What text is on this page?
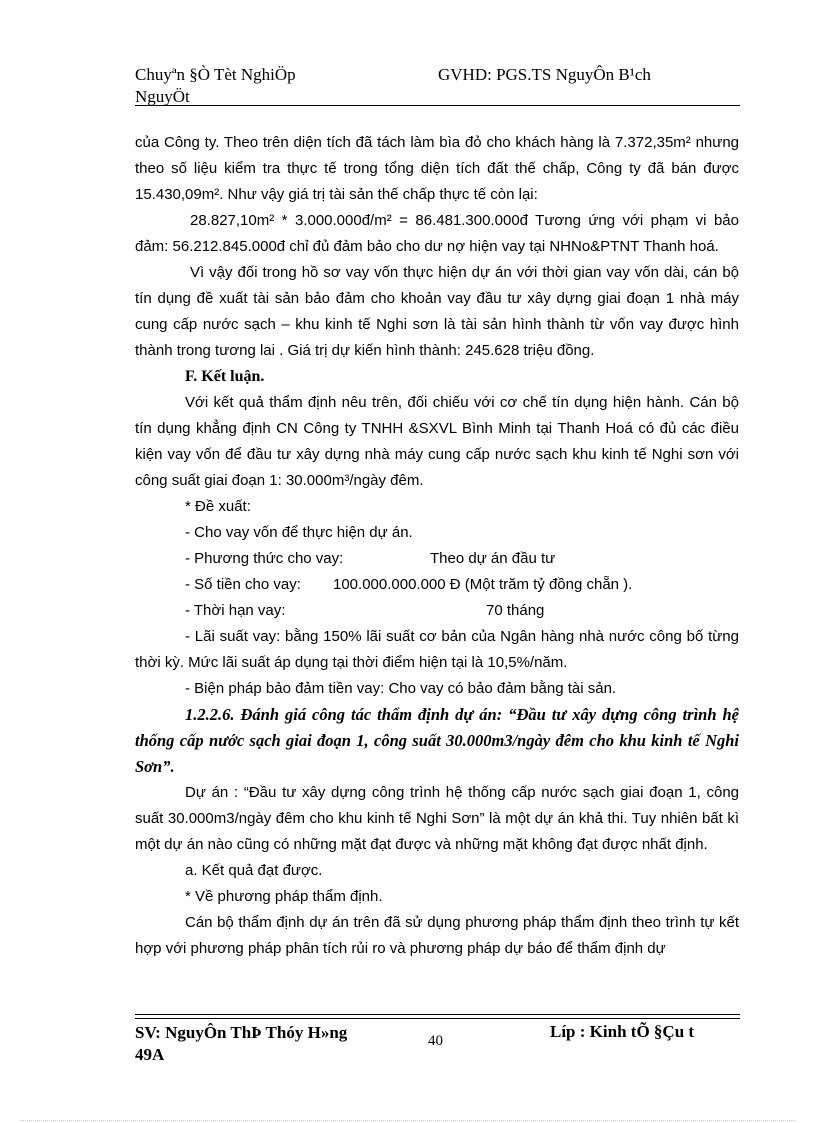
Chuyªn §Ò Tèt NghiÖp
NguyÖt
GVHD: PGS.TS NguyÔn B¹ch

của Công ty. Theo trên diện tích đã tách làm bìa đỏ cho khách hàng là 7.372,35m² nhưng theo số liệu kiểm tra thực tế trong tổng diện tích đất thế chấp, Công ty đã bán được 15.430,09m². Như vậy giá trị tài sản thế chấp thực tế còn lại:

28.827,10m² * 3.000.000đ/m² = 86.481.300.000đ Tương ứng với phạm vi bảo đảm: 56.212.845.000đ chỉ đủ đảm bảo cho dư nợ hiện vay tại NHNo&PTNT Thanh hoá.

Vì vậy đối trong hồ sơ vay vốn thực hiện dự án với thời gian vay vốn dài, cán bộ tín dụng đề xuất tài sản bảo đảm cho khoản vay đầu tư xây dựng giai đoạn 1 nhà máy cung cấp nước sạch – khu kinh tế Nghi sơn là tài sản hình thành từ vốn vay được hình thành trong tương lai . Giá trị dự kiến hình thành: 245.628 triệu đồng.

F. Kết luận.

Với kết quả thẩm định nêu trên, đối chiếu với cơ chế tín dụng hiện hành. Cán bộ tín dụng khẳng định CN Công ty TNHH &SXVL Bình Minh tại Thanh Hoá có đủ các điều kiện vay vốn để đầu tư xây dựng nhà máy cung cấp nước sạch khu kinh tế Nghi sơn với công suất giai đoạn 1: 30.000m³/ngày đêm.

* Đề xuất:

- Cho vay vốn để thực hiện dự án.

- Phương thức cho vay:	Theo dự án đầu tư

- Số tiền cho vay: 100.000.000.000 Đ (Một trăm tỷ đồng chẵn ).

- Thời hạn vay:	70 tháng

- Lãi suất vay: bằng 150% lãi suất cơ bản của Ngân hàng nhà nước công bố từng thời kỳ. Mức lãi suất áp dụng tại thời điểm hiện tại là 10,5%/năm.

- Biện pháp bảo đảm tiền vay: Cho vay có bảo đảm bằng tài sản.

1.2.2.6. Đánh giá công tác thẩm định dự án: “Đầu tư xây dựng công trình hệ thống cấp nước sạch giai đoạn 1, công suất 30.000m3/ngày đêm cho khu kinh tế Nghi Sơn”.

Dự án : “Đầu tư xây dựng công trình hệ thống cấp nước sạch giai đoạn 1, công suất 30.000m3/ngày đêm cho khu kinh tế Nghi Sơn” là một dự án khả thi. Tuy nhiên bất kì một dự án nào cũng có những mặt đạt được và những mặt không đạt được nhất định.

a. Kết quả đạt được.

* Về phương pháp thẩm định.

Cán bộ thẩm định dự án trên đã sử dụng phương pháp thẩm định theo trình tự kết hợp với phương pháp phân tích rủi ro và phương pháp dự báo để thẩm định dự

SV: NguyÔn ThÞ Thóy H»ng
49A
40	Líp : Kinh tÕ §Çu t
